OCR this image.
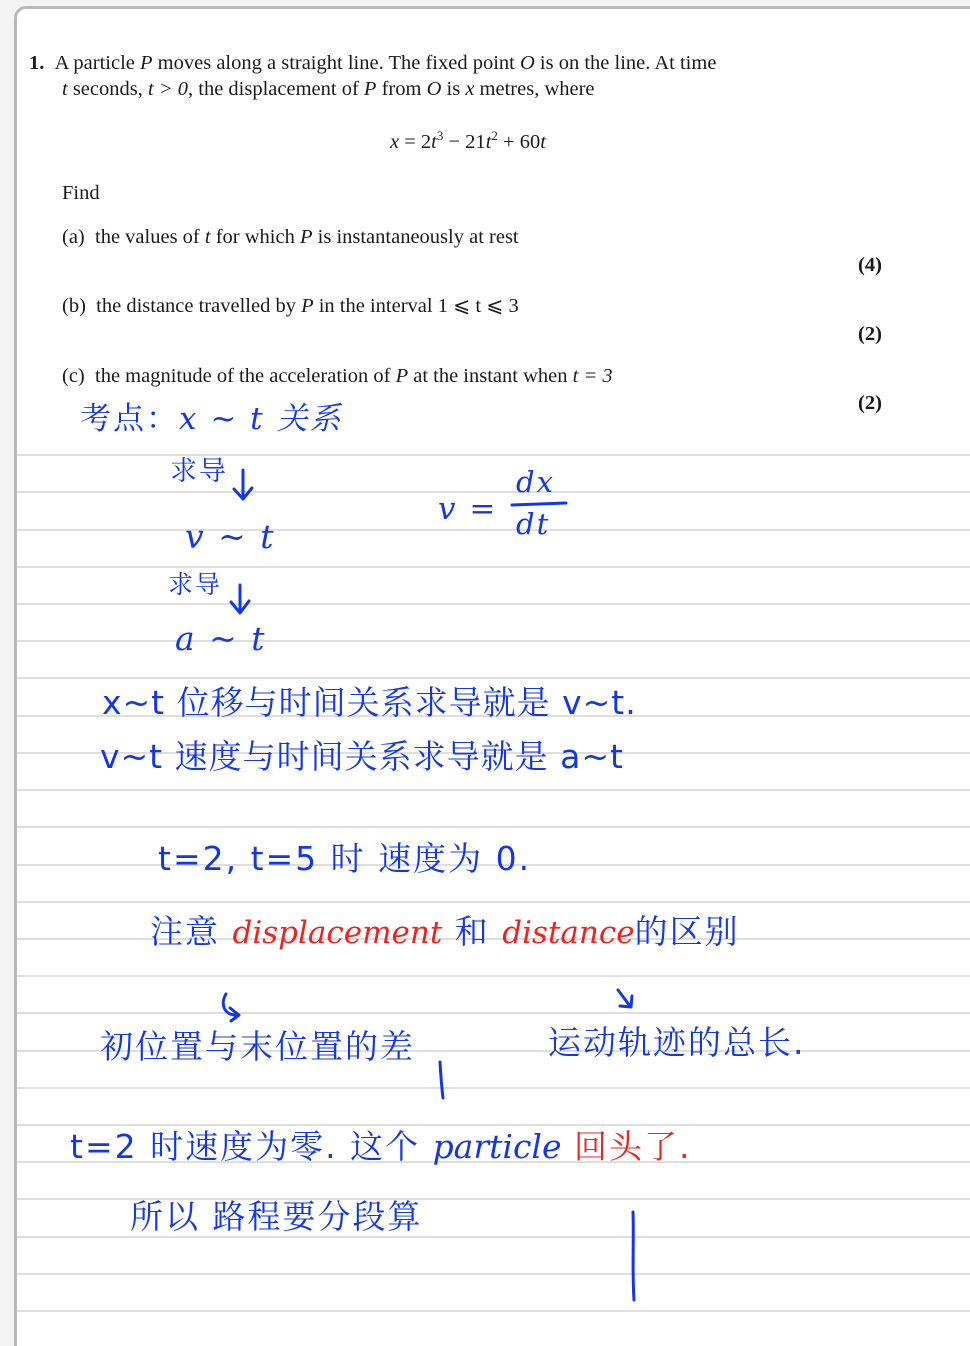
1. A particle P moves along a straight line. The fixed point O is on the line. At time
t seconds, t > 0, the displacement of P from O is x metres, where
$x = 2t^3 - 21t^2 + 60t$
Find
(a) the values of t for which P is instantaneously at rest
(4)
(b) the distance travelled by P in the interval 1 ⩽ t ⩽ 3
(2)
(c) the magnitude of the acceleration of P at the instant when t = 3
(2)
考点：x ~ t 关系
求导
v ~ t
求导
a ~ t
v =
dx
dt
x~t 位移与时间关系求导就是 v~t.
v~t 速度与时间关系求导就是 a~t
t=2, t=5 时 速度为 0.
注意 displacement 和 distance的区别
初位置与末位置的差	运动轨迹的总长.
t=2 时速度为零. 这个 particle 回头了.
所以 路程要分段算
